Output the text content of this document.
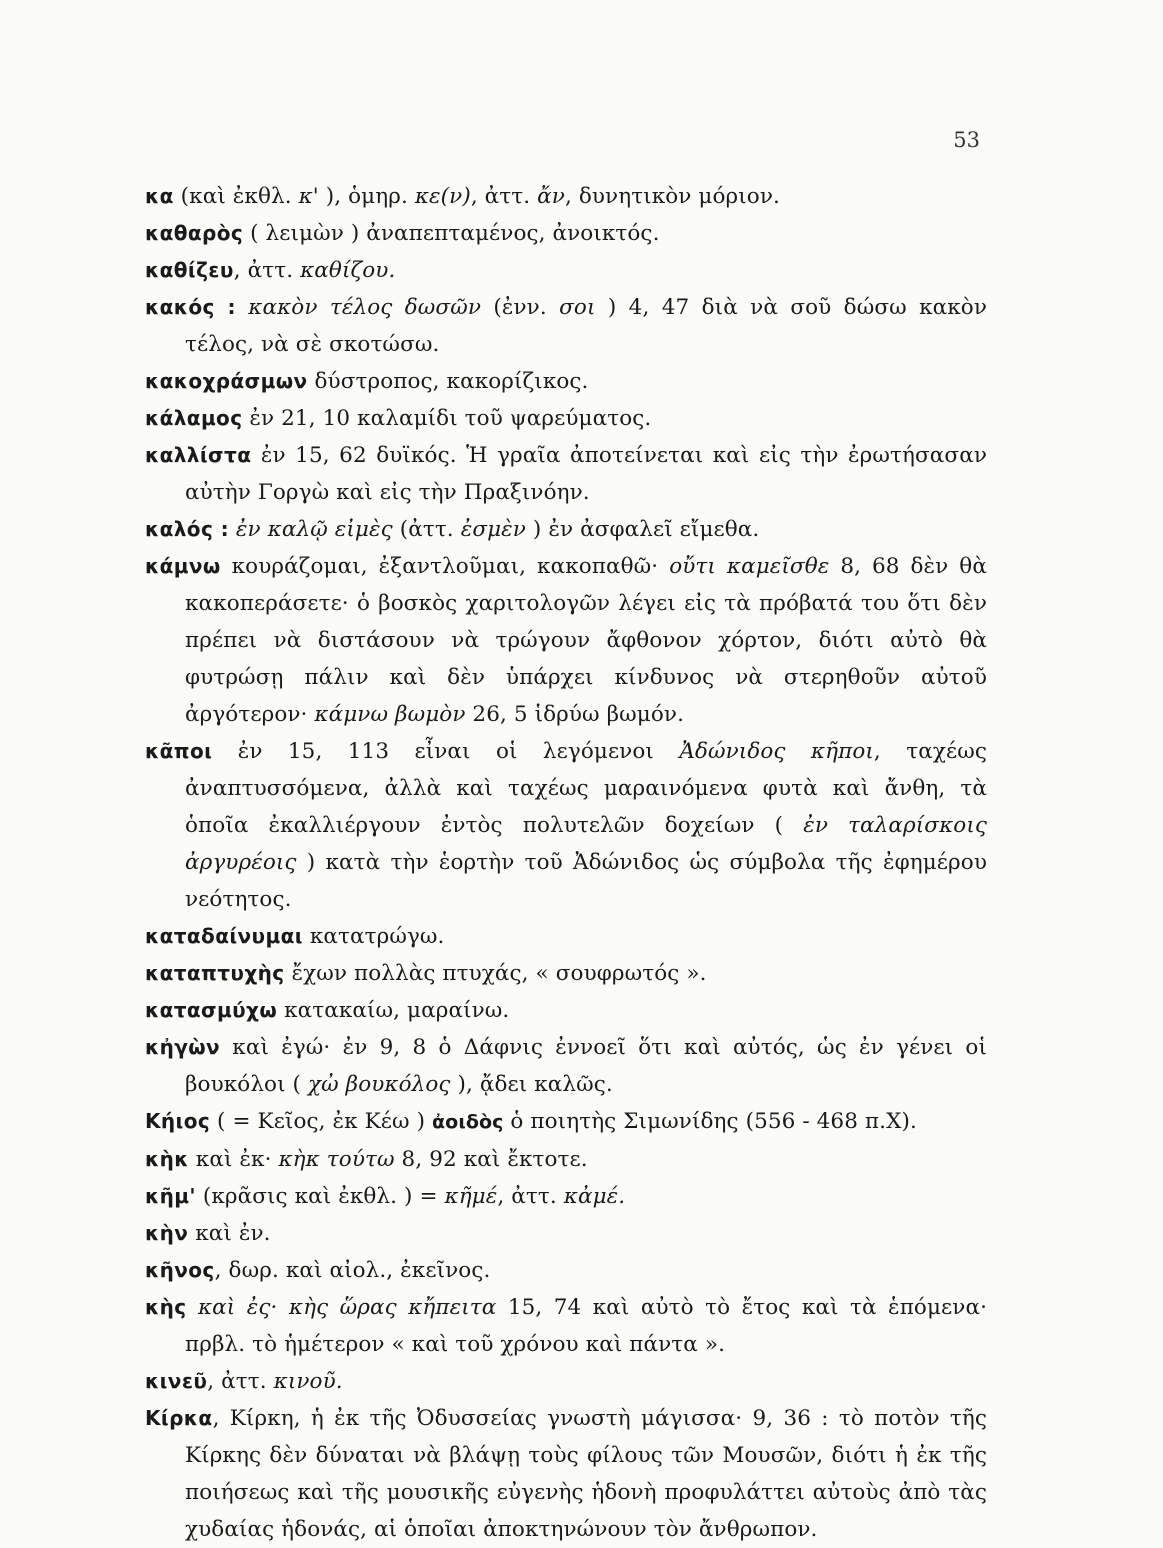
53
κα (καὶ ἐκθλ. κ' ), ὁμηρ. κε(ν), ἀττ. ἄν, δυνητικὸν μόριον.
καθαρὸς ( λειμὼν ) ἀναπεπταμένος, ἀνοικτός.
καθίζευ, ἀττ. καθίζου.
κακός : κακὸν τέλος δωσῶν (ἐνν. σοι ) 4, 47 διὰ νὰ σοῦ δώσω κακὸν τέλος, νὰ σὲ σκοτώσω.
κακοχράσμων δύστροπος, κακορίζικος.
κάλαμος ἐν 21, 10 καλαμίδι τοῦ ψαρεύματος.
καλλίστα ἐν 15, 62 δυϊκός. Ἡ γραῖα ἀποτείνεται καὶ εἰς τὴν ἐρωτήσασαν αὐτὴν Γοργὼ καὶ εἰς τὴν Πραξινόην.
καλός : ἐν καλῷ εἰμὲς (ἀττ. ἐσμὲν ) ἐν ἀσφαλεῖ εἴμεθα.
κάμνω κουράζομαι, ἐξαντλοῦμαι, κακοπαθῶ· οὔτι καμεῖσθε 8, 68 δὲν θὰ κακοπεράσετε· ὁ βοσκὸς χαριτολογῶν λέγει εἰς τὰ πρόβατά του ὅτι δὲν πρέπει νὰ διστάσουν νὰ τρώγουν ἄφθονον χόρτον, διότι αὐτὸ θὰ φυτρώσῃ πάλιν καὶ δὲν ὑπάρχει κίνδυνος νὰ στερηθοῦν αὐτοῦ ἀργότερον· κάμνω βωμὸν 26, 5 ἱδρύω βωμόν.
κᾶποι ἐν 15, 113 εἶναι οἱ λεγόμενοι Ἀδώνιδος κῆποι, ταχέως ἀναπτυσσόμενα, ἀλλὰ καὶ ταχέως μαραινόμενα φυτὰ καὶ ἄνθη, τὰ ὁποῖα ἐκαλλιέργουν ἐντὸς πολυτελῶν δοχείων ( ἐν ταλαρίσκοις ἀργυρέοις ) κατὰ τὴν ἑορτὴν τοῦ Ἀδώνιδος ὡς σύμβολα τῆς ἐφημέρου νεότητος.
καταδαίνυμαι κατατρώγω.
καταπτυχὴς ἔχων πολλὰς πτυχάς, « σουφρωτός ».
κατασμύχω κατακαίω, μαραίνω.
κἠγὼν καὶ ἐγώ· ἐν 9, 8 ὁ Δάφνις ἐννοεῖ ὅτι καὶ αὐτός, ὡς ἐν γένει οἱ βουκόλοι ( χὠ βουκόλος ), ᾄδει καλῶς.
Κήιος ( = Κεῖος, ἐκ Κέω ) ἀοιδὸς ὁ ποιητὴς Σιμωνίδης (556 - 468 π.Χ).
κὴκ καὶ ἐκ· κὴκ τούτω 8, 92 καὶ ἔκτοτε.
κῆμ' (κρᾶσις καὶ ἐκθλ. ) = κῆμέ, ἀττ. κἀμέ.
κὴν καὶ ἐν.
κῆνος, δωρ. καὶ αἰολ., ἐκεῖνος.
κὴς καὶ ἐς· κὴς ὥρας κἤπειτα 15, 74 καὶ αὐτὸ τὸ ἔτος καὶ τὰ ἑπόμενα· πρβλ. τὸ ἡμέτερον « καὶ τοῦ χρόνου καὶ πάντα ».
κινεῦ, ἀττ. κινοῦ.
Κίρκα, Κίρκη, ἡ ἐκ τῆς Ὀδυσσείας γνωστὴ μάγισσα· 9, 36 : τὸ ποτὸν τῆς Κίρκης δὲν δύναται νὰ βλάψῃ τοὺς φίλους τῶν Μουσῶν, διότι ἡ ἐκ τῆς ποιήσεως καὶ τῆς μουσικῆς εὐγενὴς ἡδονὴ προφυλάττει αὐτοὺς ἀπὸ τὰς χυδαίας ἡδονάς, αἱ ὁποῖαι ἀποκτηνώνουν τὸν ἄνθρωπον.
